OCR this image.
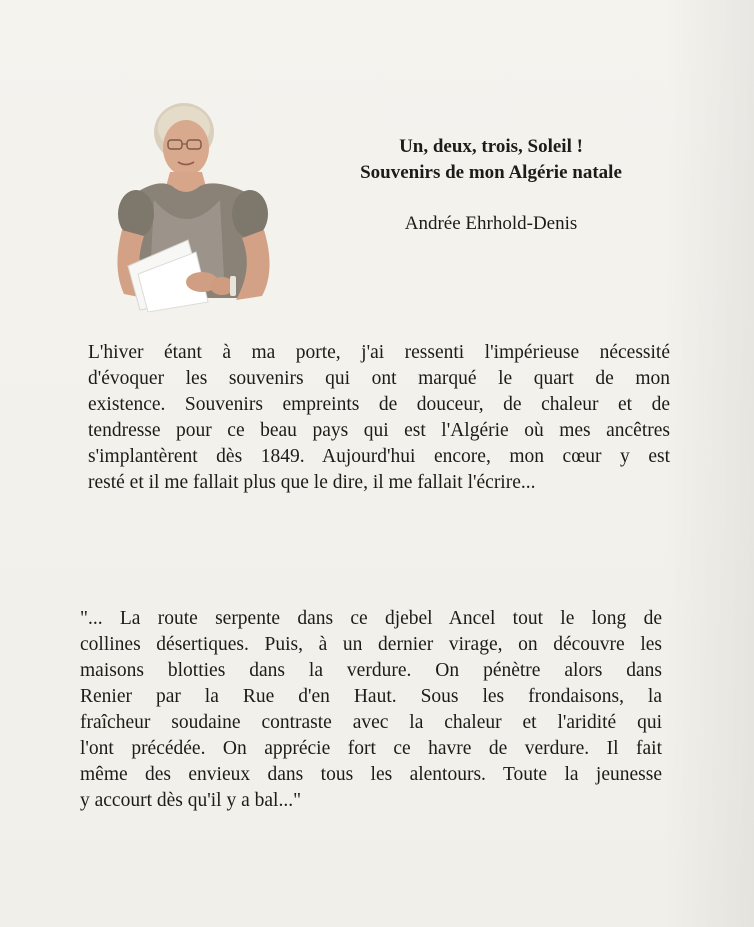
Un, deux, trois, Soleil !

Souvenirs de mon Algérie natale

Andrée Ehrhold-Denis
L'hiver étant à ma porte, j'ai ressenti l'impérieuse nécessité
d'évoquer les souvenirs qui ont marqué le quart de mon
existence. Souvenirs empreints de douceur, de chaleur et de
tendresse pour ce beau pays qui est l'Algérie où mes ancêtres
s'implantèrent dès 1849. Aujourd'hui encore, mon cœur y est
resté et il me fallait plus que le dire, il me fallait l'écrire...
"... La route serpente dans ce djebel Ancel tout le long de
collines désertiques. Puis, à un dernier virage, on découvre les
maisons blotties dans la verdure. On pénètre alors dans
Renier par la Rue d'en Haut. Sous les frondaisons, la
fraîcheur soudaine contraste avec la chaleur et l'aridité qui
l'ont précédée. On apprécie fort ce havre de verdure. Il fait
même des envieux dans tous les alentours. Toute la jeunesse
y accourt dès qu'il y a bal..."
